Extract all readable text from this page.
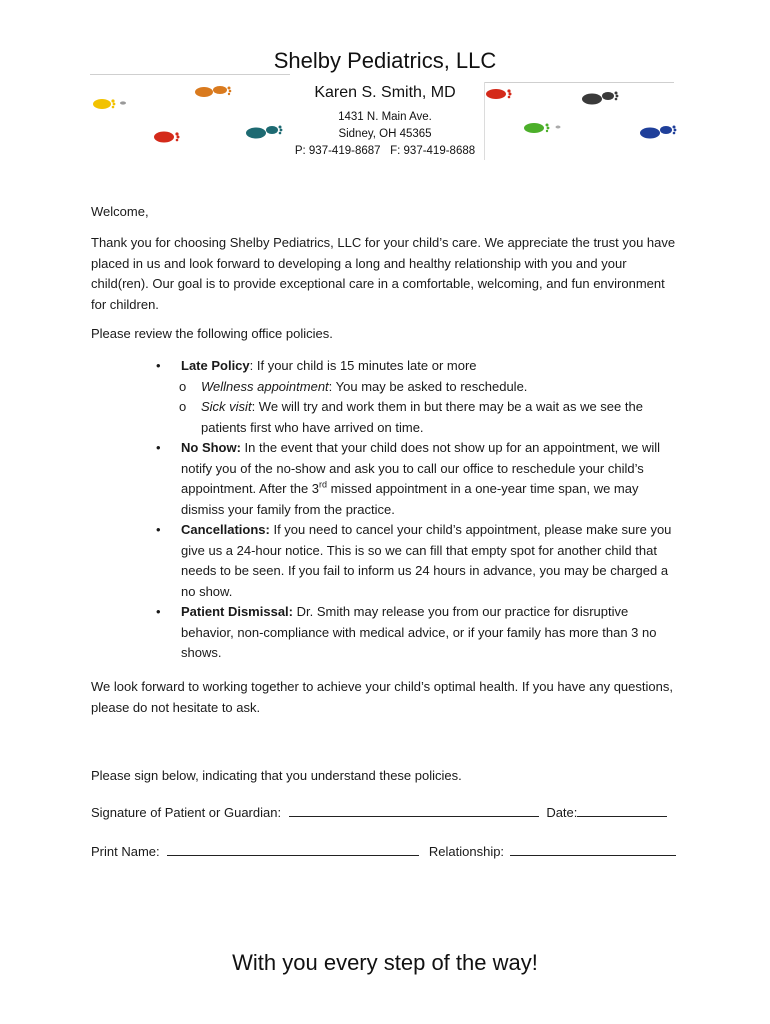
Shelby Pediatrics, LLC
Karen S. Smith, MD
1431 N. Main Ave.
Sidney, OH 45365
P: 937-419-8687   F: 937-419-8688

Welcome,

Thank you for choosing Shelby Pediatrics, LLC for your child’s care. We appreciate the trust you have placed in us and look forward to developing a long and healthy relationship with you and your child(ren). Our goal is to provide exceptional care in a comfortable, welcoming, and fun environment for children.

Please review the following office policies.

• Late Policy: If your child is 15 minutes late or more
o Wellness appointment: You may be asked to reschedule.
o Sick visit: We will try and work them in but there may be a wait as we see the patients first who have arrived on time.
• No Show: In the event that your child does not show up for an appointment, we will notify you of the no-show and ask you to call our office to reschedule your child’s appointment. After the 3rd missed appointment in a one-year time span, we may dismiss your family from the practice.
• Cancellations: If you need to cancel your child’s appointment, please make sure you give us a 24-hour notice. This is so we can fill that empty spot for another child that needs to be seen. If you fail to inform us 24 hours in advance, you may be charged a no show.
• Patient Dismissal: Dr. Smith may release you from our practice for disruptive behavior, non-compliance with medical advice, or if your family has more than 3 no shows.

We look forward to working together to achieve your child’s optimal health. If you have any questions, please do not hesitate to ask.

Please sign below, indicating that you understand these policies.

Signature of Patient or Guardian:	Date:
Print Name:	Relationship:
With you every step of the way!
